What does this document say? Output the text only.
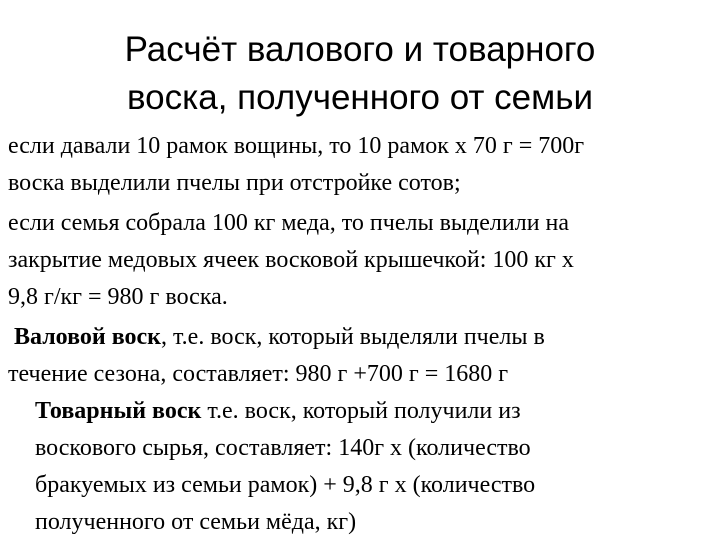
Расчёт валового и товарного
воска, полученного от семьи

если давали 10 рамок вощины, то 10 рамок х 70 г = 700г
воска выделили пчелы при отстройке сотов;

если семья собрала 100 кг меда, то пчелы выделили на
закрытие медовых ячеек восковой крышечкой: 100 кг х
9,8 г/кг = 980 г воска.

Валовой воск, т.е. воск, который выделяли пчелы в
течение сезона, составляет: 980 г +700 г = 1680 г

Товарный воск т.е. воск, который получили из
воскового сырья, составляет: 140г х (количество
бракуемых из семьи рамок) + 9,8 г х (количество
полученного от семьи мёда, кг)
